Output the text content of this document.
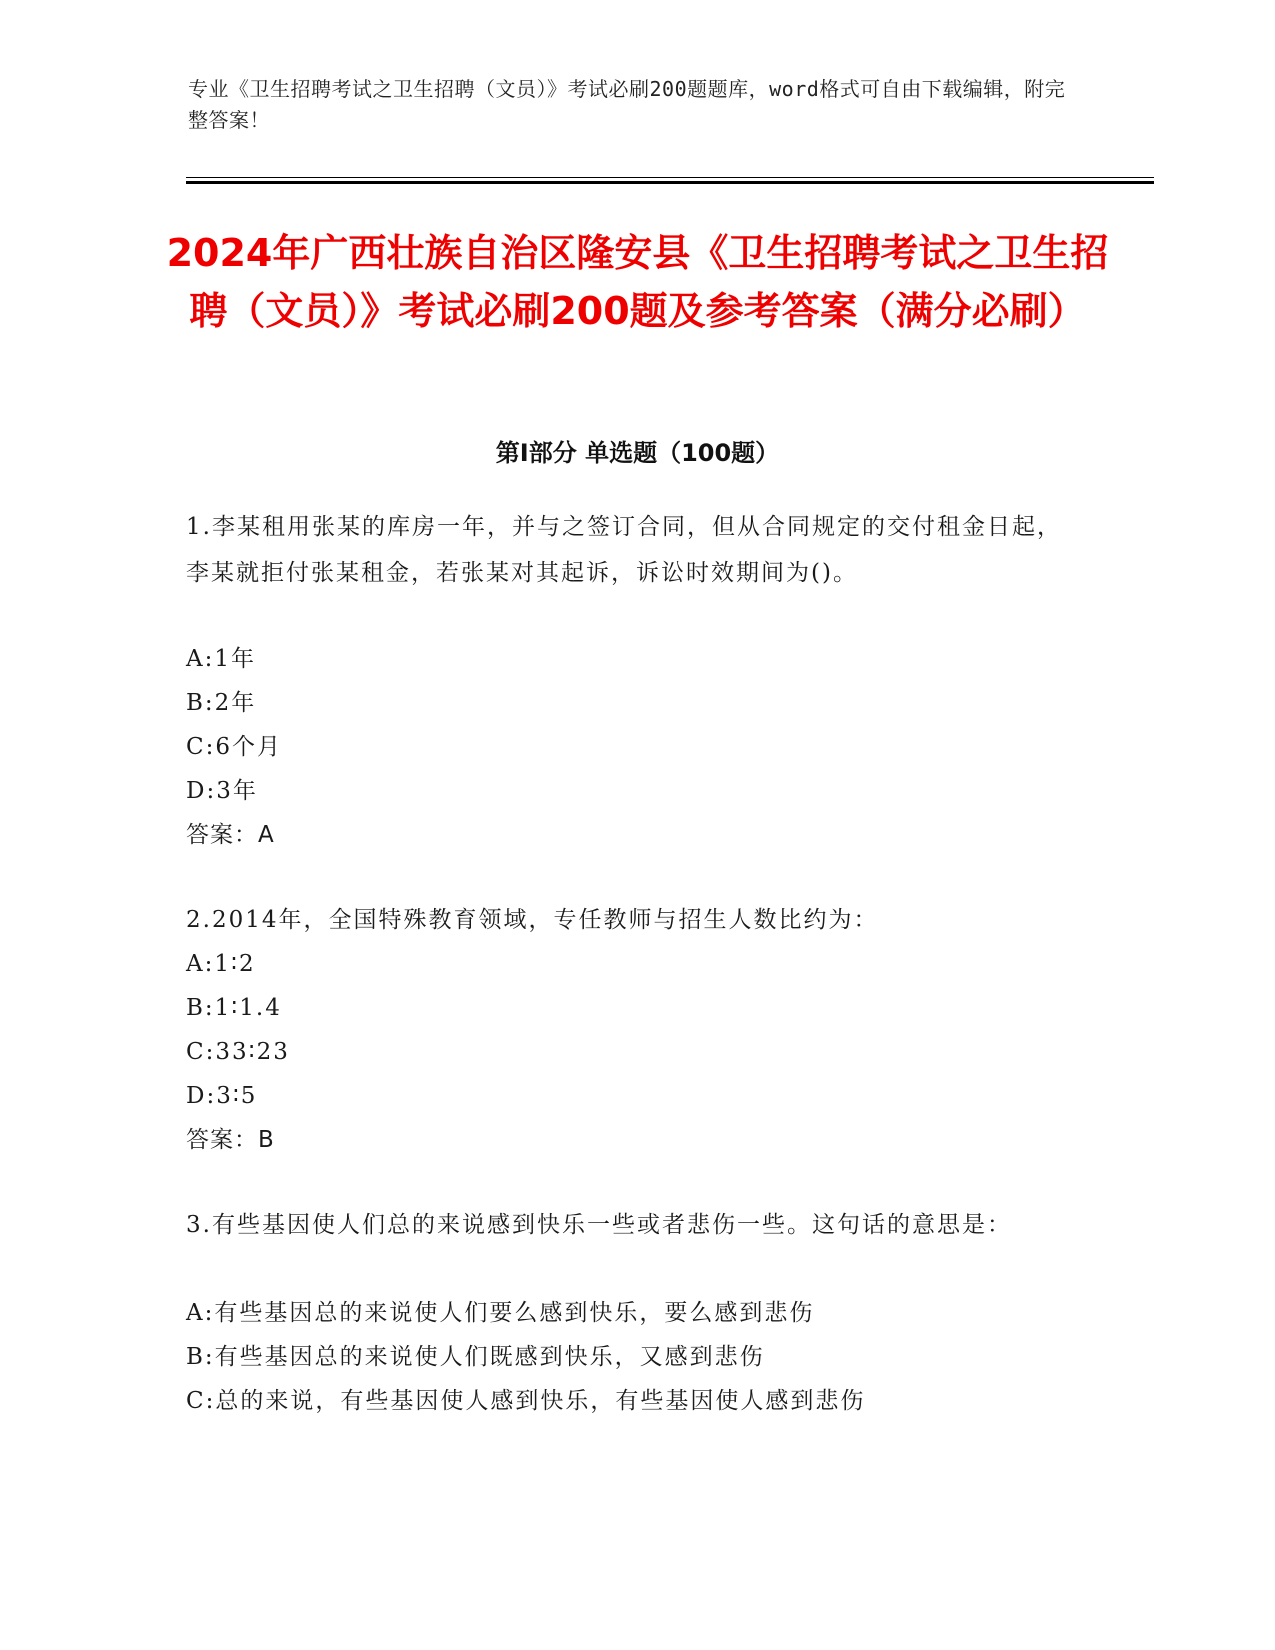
专业《卫生招聘考试之卫生招聘（文员）》考试必刷200题题库，word格式可自由下载编辑，附完整答案！
2024年广西壮族自治区隆安县《卫生招聘考试之卫生招聘（文员）》考试必刷200题及参考答案（满分必刷）
第I部分 单选题（100题）

1.李某租用张某的库房一年，并与之签订合同，但从合同规定的交付租金日起，李某就拒付张某租金，若张某对其起诉，诉讼时效期间为()。

A:1年

B:2年

C:6个月

D:3年

答案：A

2.2014年，全国特殊教育领域，专任教师与招生人数比约为：

A:1∶2

B:1∶1.4

C:33∶23

D:3∶5

答案：B

3.有些基因使人们总的来说感到快乐一些或者悲伤一些。这句话的意思是：

A:有些基因总的来说使人们要么感到快乐，要么感到悲伤

B:有些基因总的来说使人们既感到快乐，又感到悲伤

C:总的来说，有些基因使人感到快乐，有些基因使人感到悲伤
